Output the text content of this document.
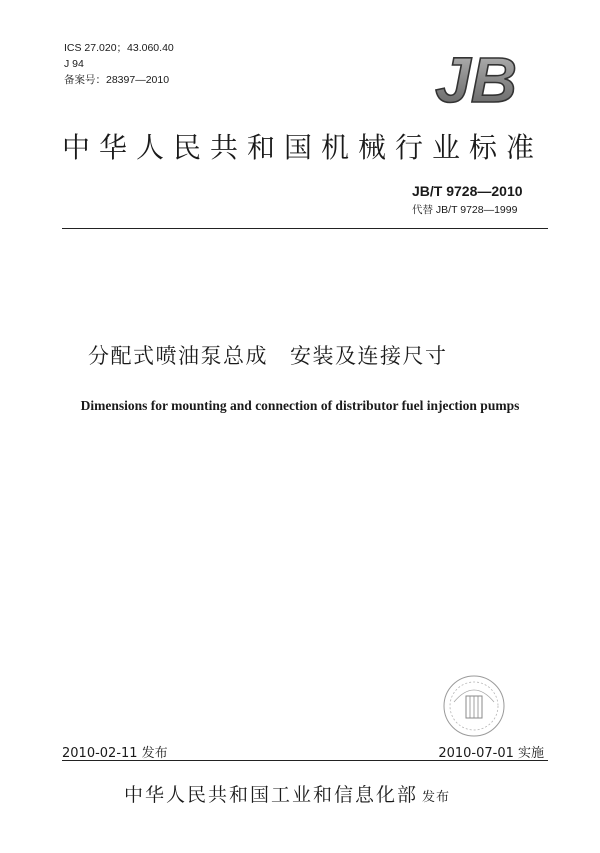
ICS 27.020；43.060.40
J 94
备案号：28397—2010	JB
中华人民共和国机械行业标准
JB/T 9728—2010
代替 JB/T 9728—1999
分配式喷油泵总成 安装及连接尺寸
Dimensions for mounting and connection of distributor fuel injection pumps
2010-02-11 发布	2010-07-01 实施
中华人民共和国工业和信息化部 发布
